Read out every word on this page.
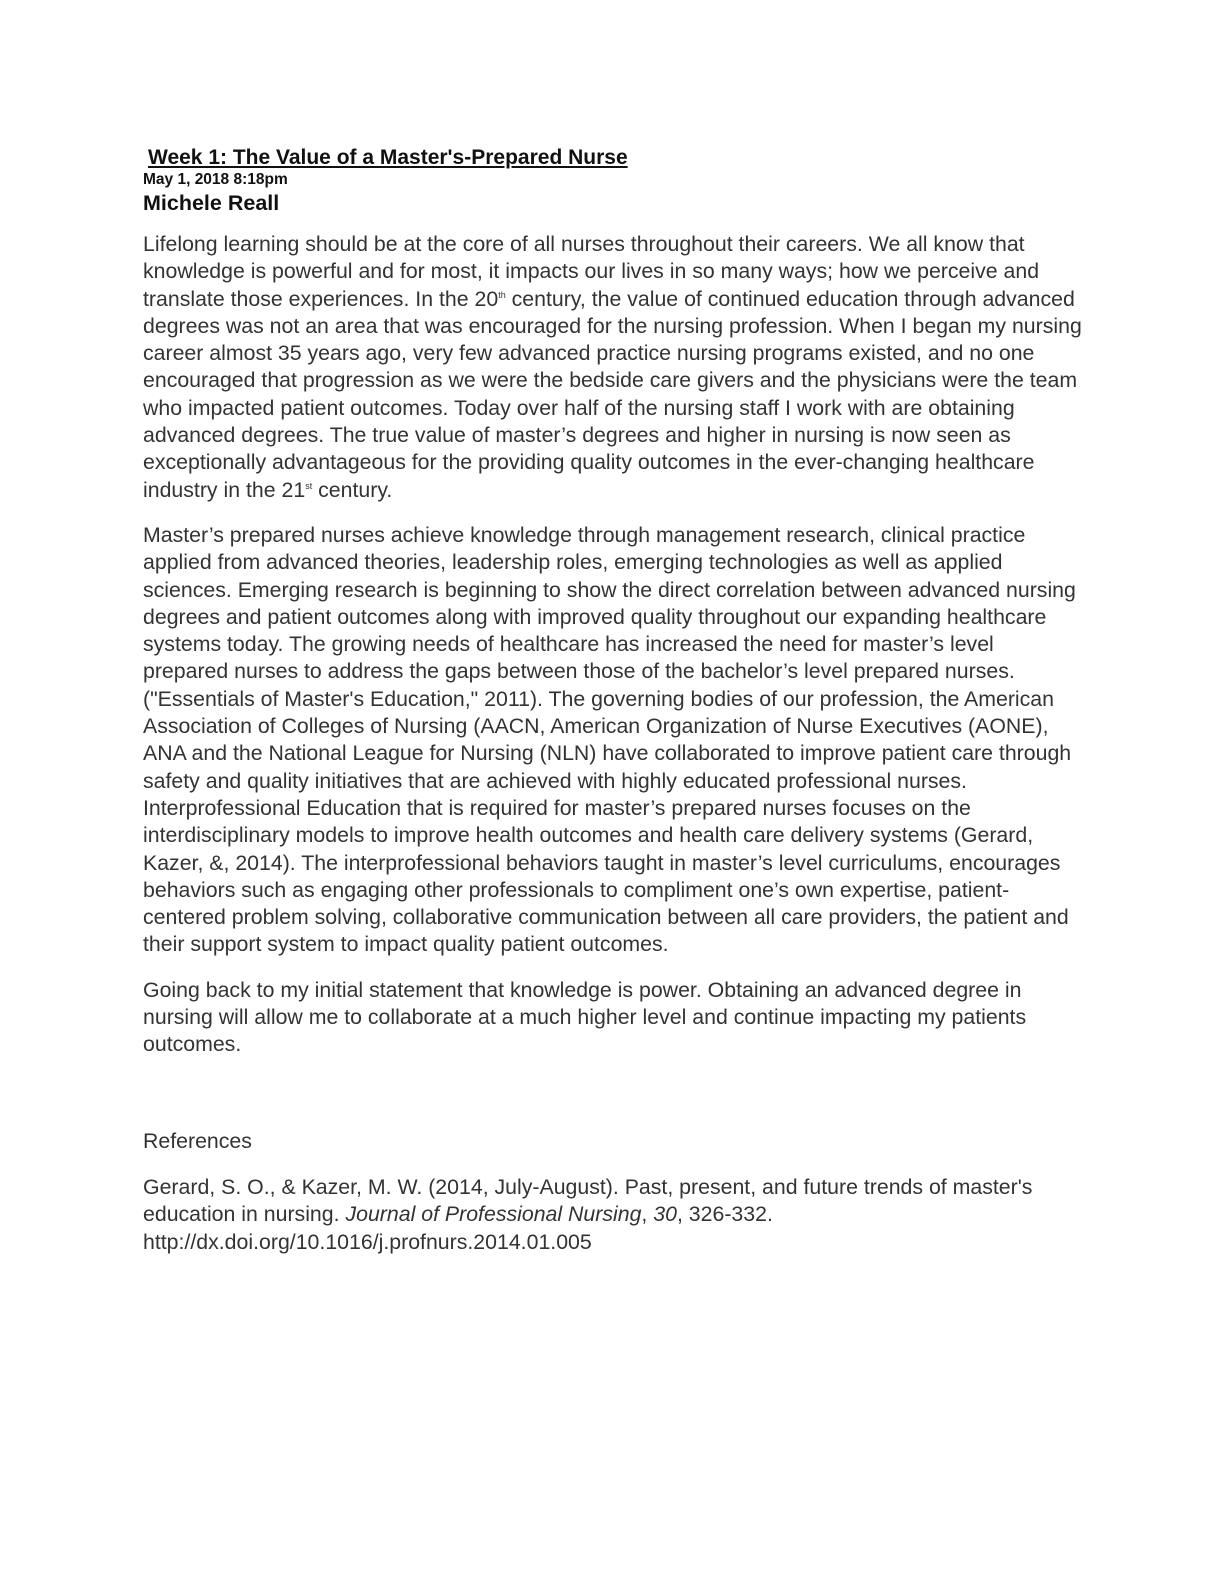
Week 1: The Value of a Master's-Prepared Nurse
May 1, 2018 8:18pm
Michele Reall

Lifelong learning should be at the core of all nurses throughout their careers. We all know that knowledge is powerful and for most, it impacts our lives in so many ways; how we perceive and translate those experiences. In the 20th century, the value of continued education through advanced degrees was not an area that was encouraged for the nursing profession. When I began my nursing career almost 35 years ago, very few advanced practice nursing programs existed, and no one encouraged that progression as we were the bedside care givers and the physicians were the team who impacted patient outcomes. Today over half of the nursing staff I work with are obtaining advanced degrees. The true value of master’s degrees and higher in nursing is now seen as exceptionally advantageous for the providing quality outcomes in the ever-changing healthcare industry in the 21st century.

Master’s prepared nurses achieve knowledge through management research, clinical practice applied from advanced theories, leadership roles, emerging technologies as well as applied sciences. Emerging research is beginning to show the direct correlation between advanced nursing degrees and patient outcomes along with improved quality throughout our expanding healthcare systems today. The growing needs of healthcare has increased the need for master’s level prepared nurses to address the gaps between those of the bachelor’s level prepared nurses. ("Essentials of Master's Education," 2011). The governing bodies of our profession, the American Association of Colleges of Nursing (AACN, American Organization of Nurse Executives (AONE), ANA and the National League for Nursing (NLN) have collaborated to improve patient care through safety and quality initiatives that are achieved with highly educated professional nurses. Interprofessional Education that is required for master’s prepared nurses focuses on the interdisciplinary models to improve health outcomes and health care delivery systems (Gerard, Kazer, &, 2014). The interprofessional behaviors taught in master’s level curriculums, encourages behaviors such as engaging other professionals to compliment one’s own expertise, patient- centered problem solving, collaborative communication between all care providers, the patient and their support system to impact quality patient outcomes.

Going back to my initial statement that knowledge is power. Obtaining an advanced degree in nursing will allow me to collaborate at a much higher level and continue impacting my patients outcomes.

References

Gerard, S. O., & Kazer, M. W. (2014, July-August). Past, present, and future trends of master's education in nursing. Journal of Professional Nursing, 30, 326-332.
http://dx.doi.org/10.1016/j.profnurs.2014.01.005
